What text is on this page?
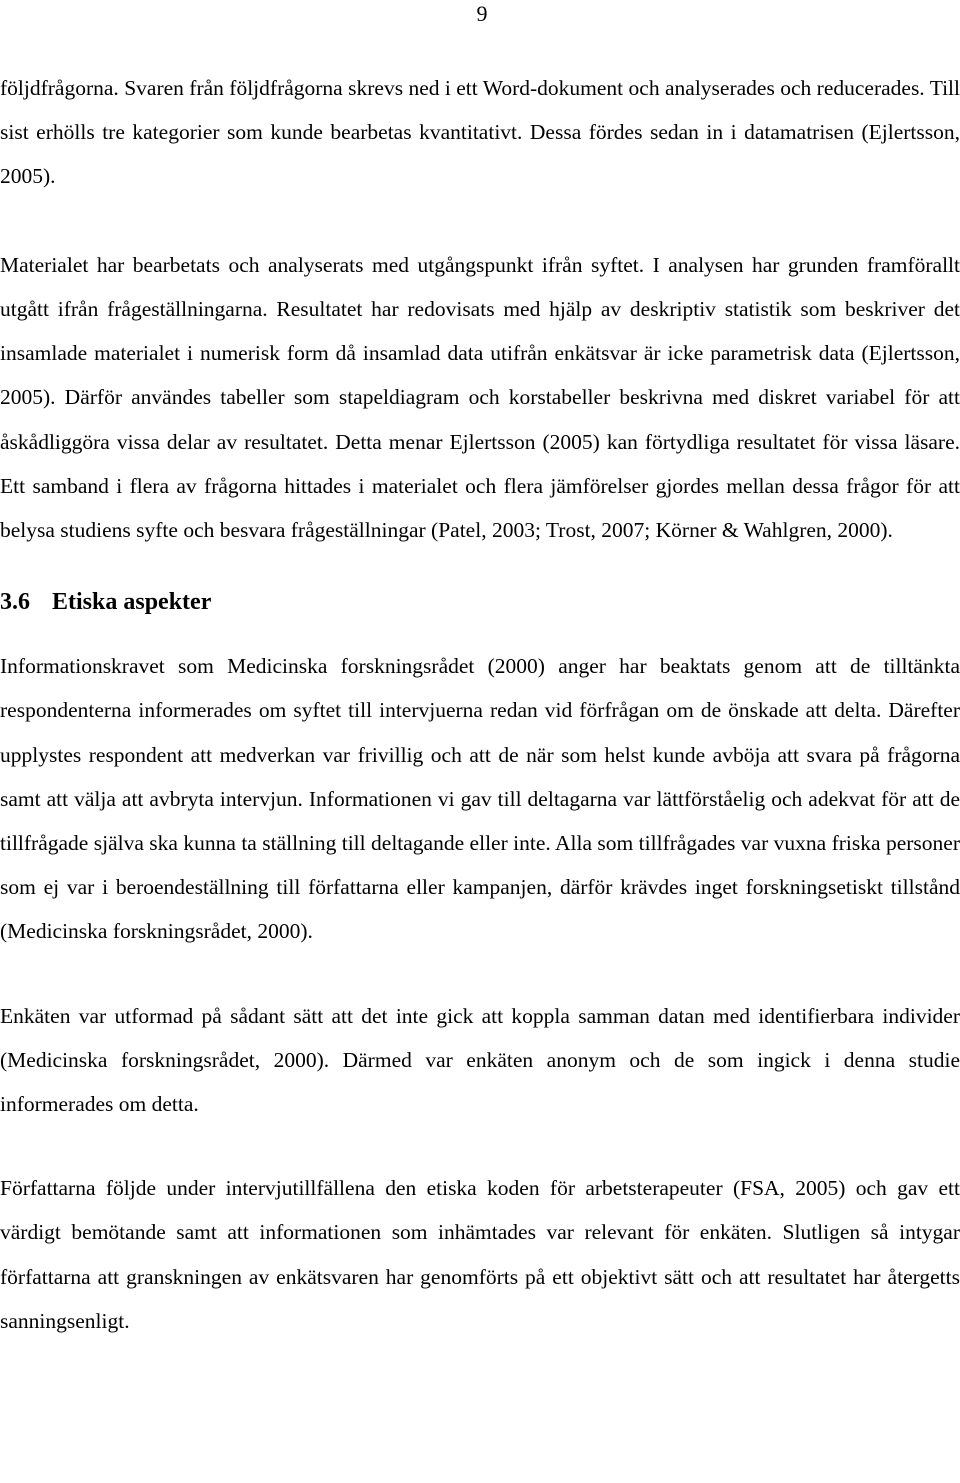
9

följdfrågorna. Svaren från följdfrågorna skrevs ned i ett Word-dokument och analyserades och reducerades. Till sist erhölls tre kategorier som kunde bearbetas kvantitativt. Dessa fördes sedan in i datamatrisen (Ejlertsson, 2005).

Materialet har bearbetats och analyserats med utgångspunkt ifrån syftet. I analysen har grunden framförallt utgått ifrån frågeställningarna. Resultatet har redovisats med hjälp av deskriptiv statistik som beskriver det insamlade materialet i numerisk form då insamlad data utifrån enkätsvar är icke parametrisk data (Ejlertsson, 2005). Därför användes tabeller som stapeldiagram och korstabeller beskrivna med diskret variabel för att åskådliggöra vissa delar av resultatet. Detta menar Ejlertsson (2005) kan förtydliga resultatet för vissa läsare. Ett samband i flera av frågorna hittades i materialet och flera jämförelser gjordes mellan dessa frågor för att belysa studiens syfte och besvara frågeställningar (Patel, 2003; Trost, 2007; Körner & Wahlgren, 2000).

3.6 Etiska aspekter

Informationskravet som Medicinska forskningsrådet (2000) anger har beaktats genom att de tilltänkta respondenterna informerades om syftet till intervjuerna redan vid förfrågan om de önskade att delta. Därefter upplystes respondent att medverkan var frivillig och att de när som helst kunde avböja att svara på frågorna samt att välja att avbryta intervjun. Informationen vi gav till deltagarna var lättförståelig och adekvat för att de tillfrågade själva ska kunna ta ställning till deltagande eller inte. Alla som tillfrågades var vuxna friska personer som ej var i beroendeställning till författarna eller kampanjen, därför krävdes inget forskningsetiskt tillstånd (Medicinska forskningsrådet, 2000).

Enkäten var utformad på sådant sätt att det inte gick att koppla samman datan med identifierbara individer (Medicinska forskningsrådet, 2000). Därmed var enkäten anonym och de som ingick i denna studie informerades om detta.

Författarna följde under intervjutillfällena den etiska koden för arbetsterapeuter (FSA, 2005) och gav ett värdigt bemötande samt att informationen som inhämtades var relevant för enkäten. Slutligen så intygar författarna att granskningen av enkätsvaren har genomförts på ett objektivt sätt och att resultatet har återgetts sanningsenligt.
